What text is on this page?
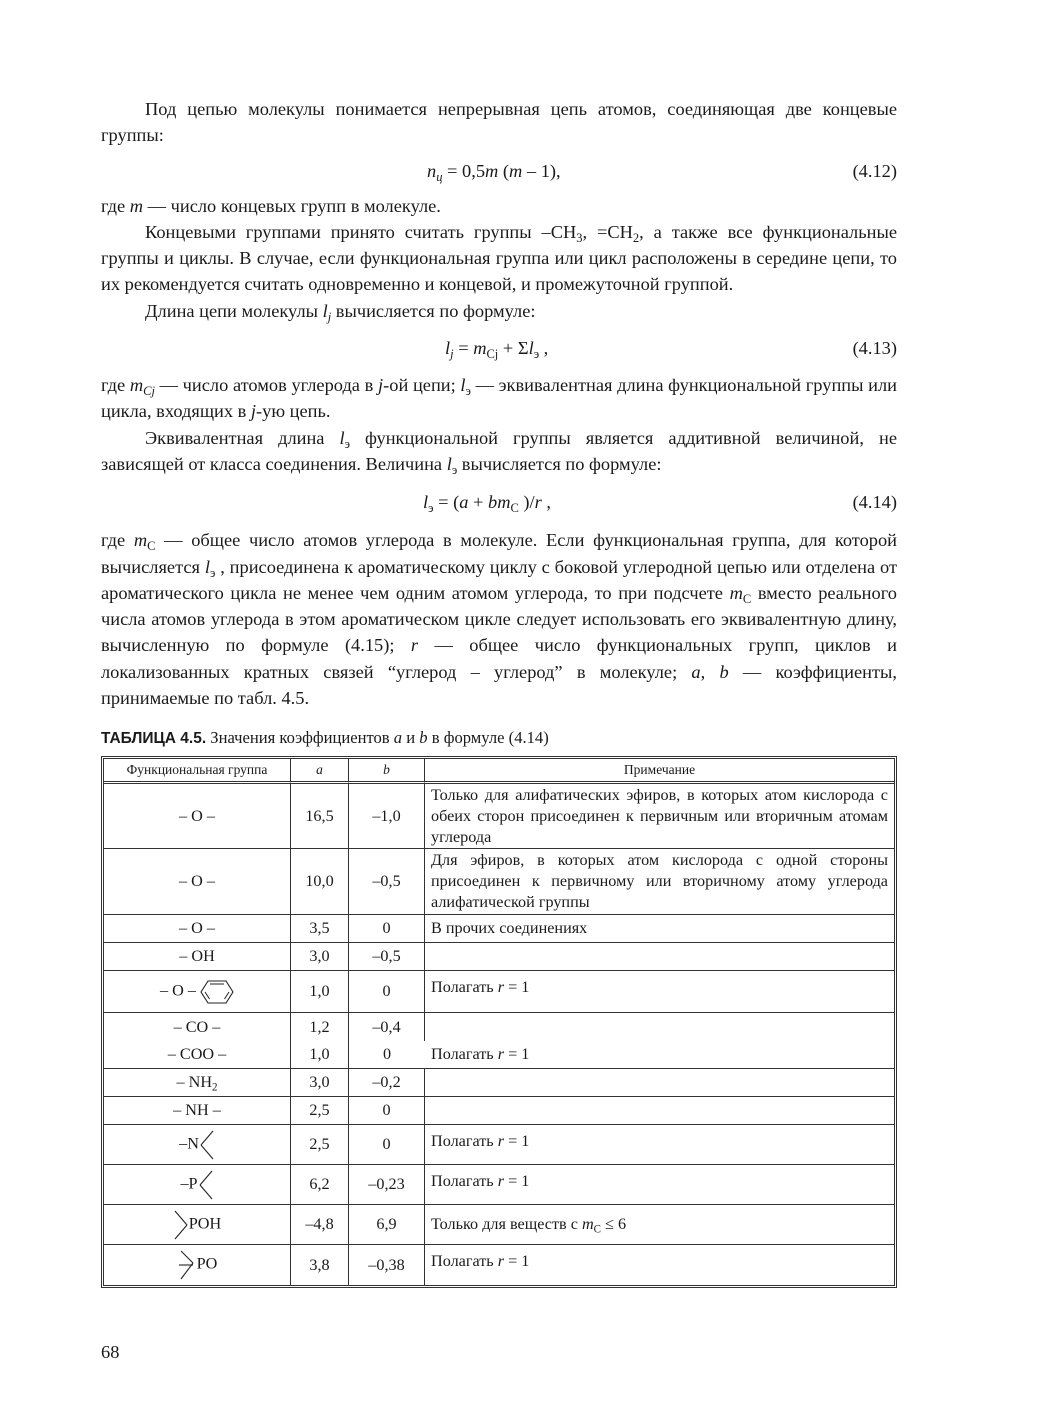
Под цепью молекулы понимается непрерывная цепь атомов, соединяющая две концевые группы:

$n_ц = 0,5m$ (m – 1),	(4.12)

где m — число концевых групп в молекуле.

Концевыми группами принято считать группы $-CH_3$, $=CH_2$, а также все функциональные группы и циклы. В случае, если функциональная группа или цикл расположены в середине цепи, то их рекомендуется считать одновременно и концевой, и промежуточной группой.

Длина цепи молекулы $l_j$ вычисляется по формуле:

$l_j = m_{Cj} + \Sigma l_э$ ,	(4.13)

где $m_{Cj}$ — число атомов углерода в j-ой цепи; $l_э$ — эквивалентная длина функциональной группы или цикла, входящих в j-ую цепь.

Эквивалентная длина $l_э$ функциональной группы является аддитивной величиной, не зависящей от класса соединения. Величина $l_э$ вычисляется по формуле:

$l_э = (a + bm_C$ )/r ,	(4.14)

где $m_C$ — общее число атомов углерода в молекуле. Если функциональная группа, для которой вычисляется $l_э$ , присоединена к ароматическому циклу с боковой углеродной цепью или отделена от ароматического цикла не менее чем одним атомом углерода, то при подсчете $m_C$ вместо реального числа атомов углерода в этом ароматическом цикле следует использовать его эквивалентную длину, вычисленную по формуле (4.15); r — общее число функциональных групп, циклов и локализованных кратных связей “углерод – углерод” в молекуле; a, b — коэффициенты, принимаемые по табл. 4.5.

ТАБЛИЦА 4.5. Значения коэффициентов a и b в формуле (4.14)
Функциональная группа	a	b	Примечание
– O –	16,5	–1,0	Только для алифатических эфиров, в которых атом кислорода с обеих сторон присоединен к первичным или вторичным атомам углерода
– O –	10,0	–0,5	Для эфиров, в которых атом кислорода с одной стороны присоединен к первичному или вторичному атому углерода алифатической группы
– O –	3,5	0	В прочих соединениях
– OH	3,0	–0,5	
– O –	1,0	0	Полагать r = 1
– CO –	1,2	–0,4	Полагать r = 1
– COO –	1,0	0	
– $NH_2$	3,0	–0,2	
– NH –	2,5	0	
–N	2,5	0	Полагать r = 1
–P	6,2	–0,23	Полагать r = 1
POH	–4,8	6,9	Только для веществ с $m_C \le 6$
PO	3,8	–0,38	Полагать r = 1
68
